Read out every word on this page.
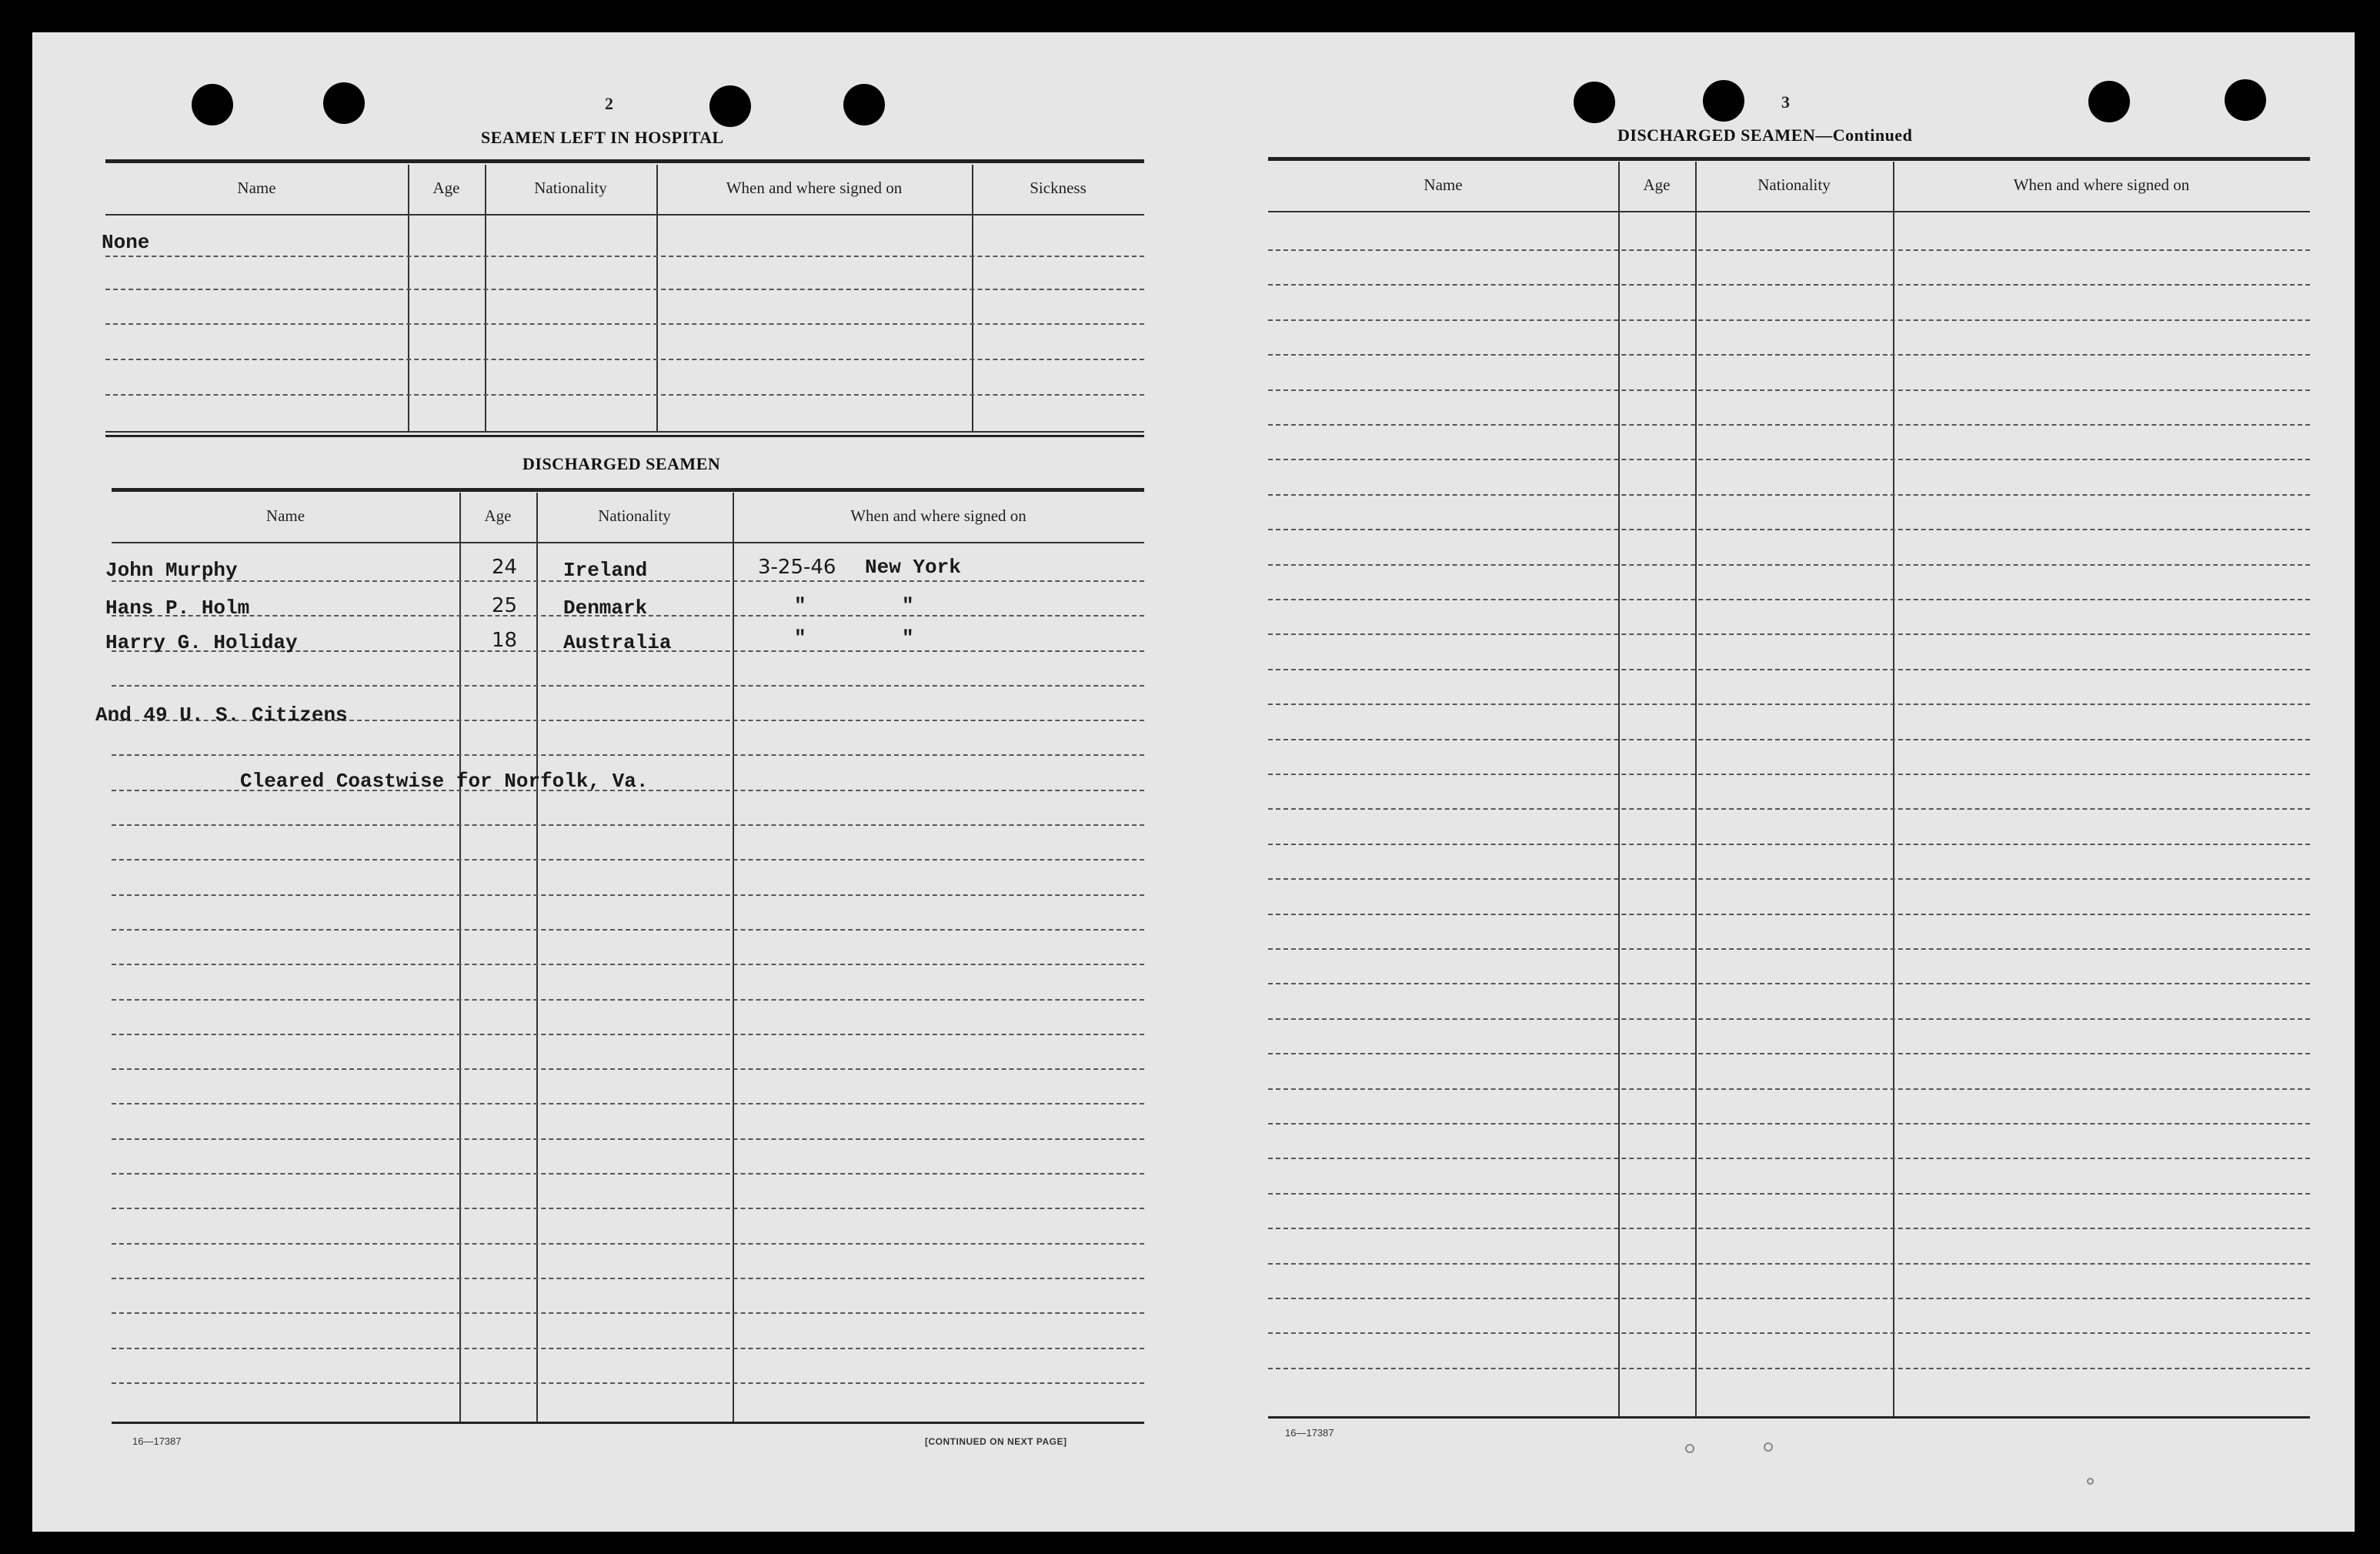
2
SEAMEN LEFT IN HOSPITAL
Name	Age	Nationality	When and where signed on	Sickness
None
DISCHARGED SEAMEN
Name	Age	Nationality	When and where signed on
John Murphy	24 Ireland	3-25-46 New York
Hans P. Holm	25 Denmark	"	"
Harry G. Holiday	18 Australia	"	"
And 49 U. S. Citizens
Cleared Coastwise for Norfolk, Va.
16—17387	[CONTINUED ON NEXT PAGE]
3
DISCHARGED SEAMEN—Continued
Name	Age	Nationality	When and where signed on
16—17387
